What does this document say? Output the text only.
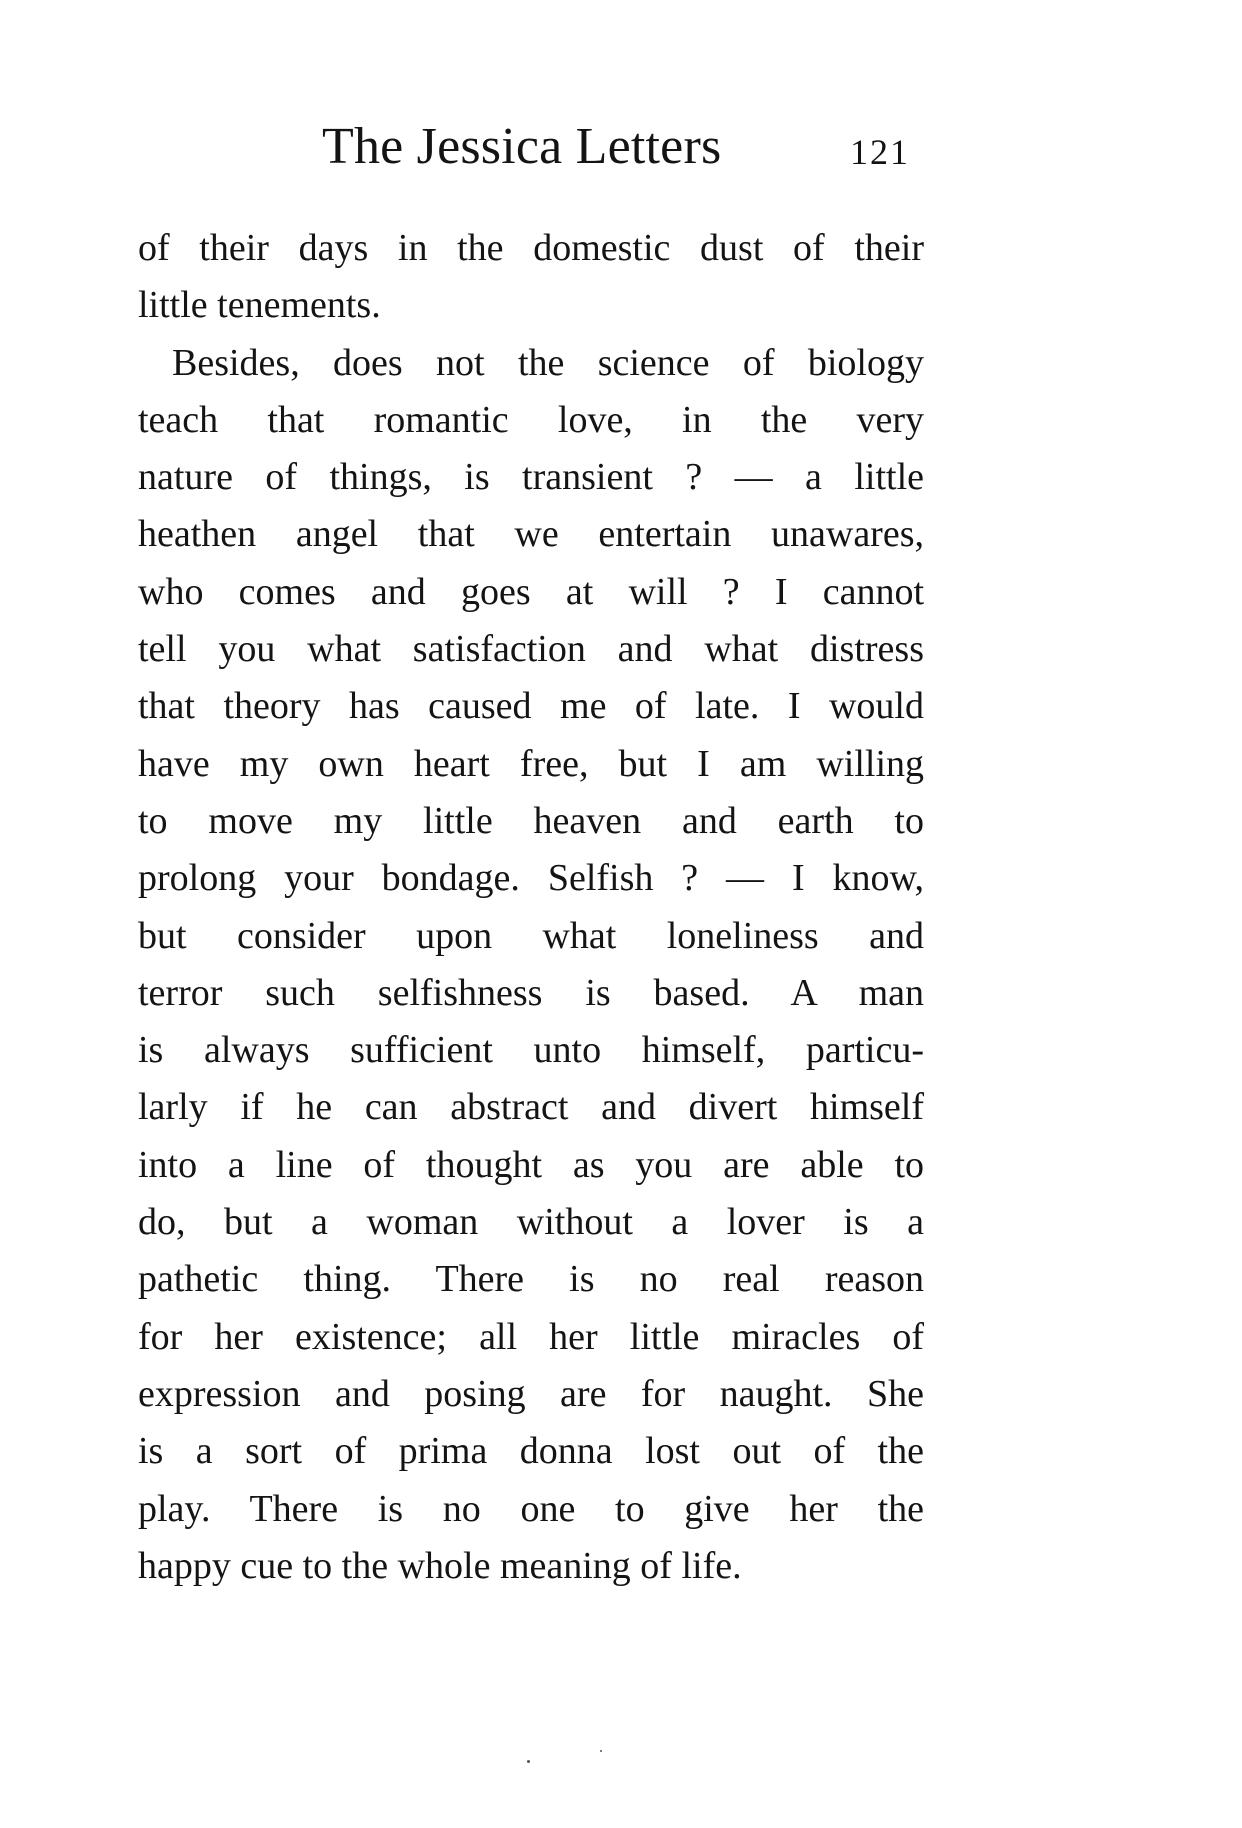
The Jessica Letters	121
of their days in the domestic dust of their
little tenements.
Besides, does not the science of biology
teach that romantic love, in the very
nature of things, is transient ? — a little
heathen angel that we entertain unawares,
who comes and goes at will ? I cannot
tell you what satisfaction and what distress
that theory has caused me of late. I would
have my own heart free, but I am willing
to move my little heaven and earth to
prolong your bondage. Selfish ? — I know,
but consider upon what loneliness and
terror such selfishness is based. A man
is always sufficient unto himself, particu-
larly if he can abstract and divert himself
into a line of thought as you are able to
do, but a woman without a lover is a
pathetic thing. There is no real reason
for her existence; all her little miracles of
expression and posing are for naught. She
is a sort of prima donna lost out of the
play. There is no one to give her the
happy cue to the whole meaning of life.
